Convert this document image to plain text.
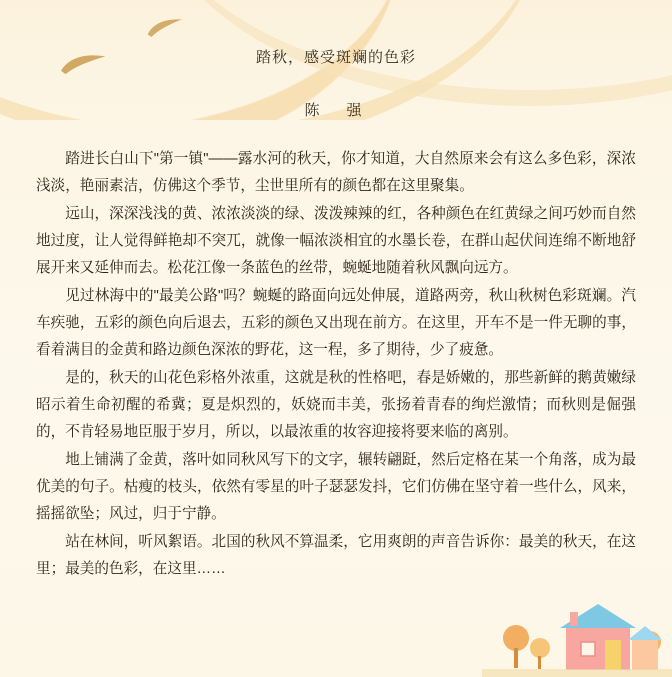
踏秋，感受斑斓的色彩
陈　强

踏进长白山下"第一镇"——露水河的秋天，你才知道，大自然原来会有这么多色彩，深浓浅淡，艳丽素洁，仿佛这个季节，尘世里所有的颜色都在这里聚集。

远山，深深浅浅的黄、浓浓淡淡的绿、泼泼辣辣的红，各种颜色在红黄绿之间巧妙而自然地过度，让人觉得鲜艳却不突兀，就像一幅浓淡相宜的水墨长卷，在群山起伏间连绵不断地舒展开来又延伸而去。松花江像一条蓝色的丝带，蜿蜒地随着秋风飘向远方。

见过林海中的"最美公路"吗？蜿蜒的路面向远处伸展，道路两旁，秋山秋树色彩斑斓。汽车疾驰，五彩的颜色向后退去，五彩的颜色又出现在前方。在这里，开车不是一件无聊的事，看着满目的金黄和路边颜色深浓的野花，这一程，多了期待，少了疲惫。

是的，秋天的山花色彩格外浓重，这就是秋的性格吧，春是娇嫩的，那些新鲜的鹅黄嫩绿昭示着生命初醒的希冀；夏是炽烈的，妖娆而丰美，张扬着青春的绚烂激情；而秋则是倔强的，不肯轻易地臣服于岁月，所以，以最浓重的妆容迎接将要来临的离别。

地上铺满了金黄，落叶如同秋风写下的文字，辗转翩跹，然后定格在某一个角落，成为最优美的句子。枯瘦的枝头，依然有零星的叶子瑟瑟发抖，它们仿佛在坚守着一些什么，风来，摇摇欲坠；风过，归于宁静。

站在林间，听风絮语。北国的秋风不算温柔，它用爽朗的声音告诉你：最美的秋天，在这里；最美的色彩，在这里……
